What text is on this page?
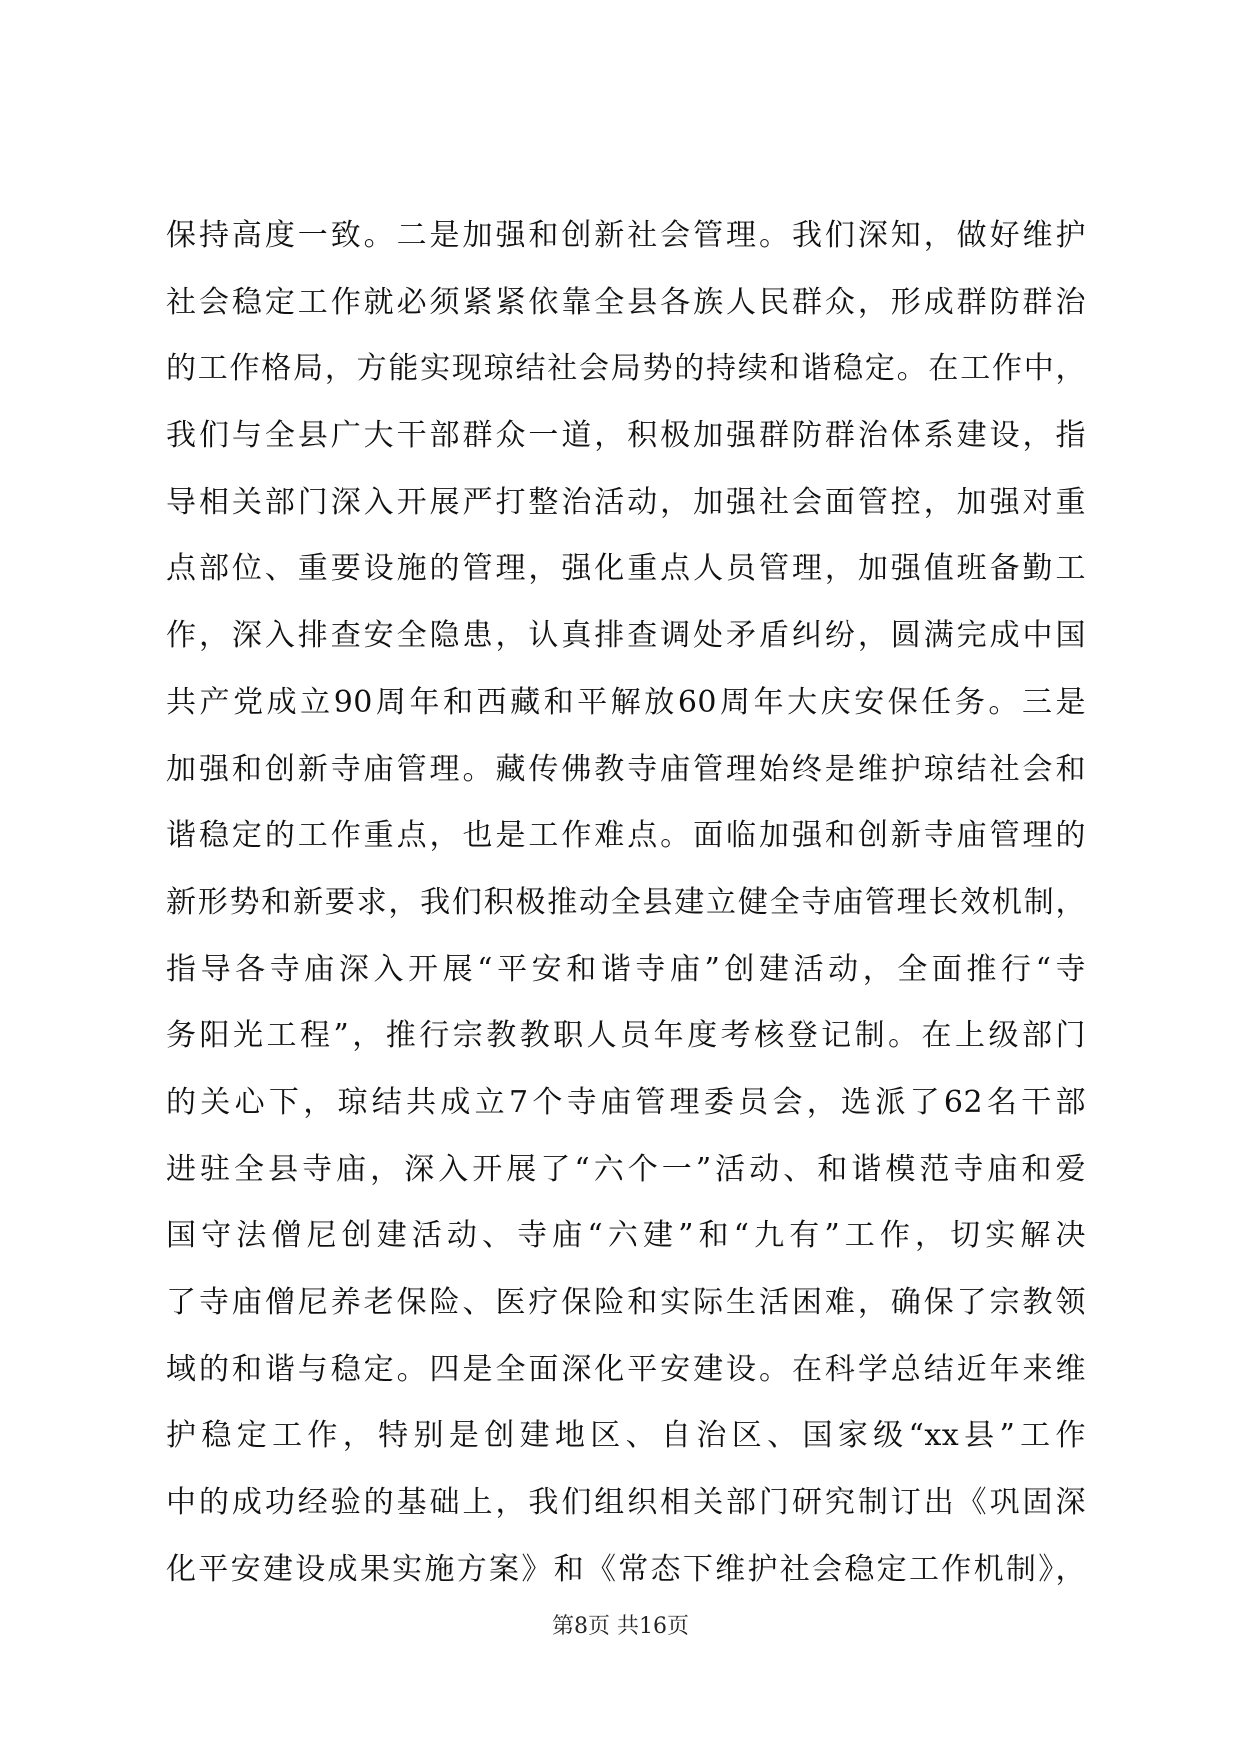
保持高度一致。二是加强和创新社会管理。我们深知，做好维护
社会稳定工作就必须紧紧依靠全县各族人民群众，形成群防群治
的工作格局，方能实现琼结社会局势的持续和谐稳定。在工作中，
我们与全县广大干部群众一道，积极加强群防群治体系建设，指
导相关部门深入开展严打整治活动，加强社会面管控，加强对重
点部位、重要设施的管理，强化重点人员管理，加强值班备勤工
作，深入排查安全隐患，认真排查调处矛盾纠纷，圆满完成中国
共产党成立90周年和西藏和平解放60周年大庆安保任务。三是
加强和创新寺庙管理。藏传佛教寺庙管理始终是维护琼结社会和
谐稳定的工作重点，也是工作难点。面临加强和创新寺庙管理的
新形势和新要求，我们积极推动全县建立健全寺庙管理长效机制，
指导各寺庙深入开展“平安和谐寺庙”创建活动，全面推行“寺
务阳光工程”，推行宗教教职人员年度考核登记制。在上级部门
的关心下，琼结共成立7个寺庙管理委员会，选派了62名干部
进驻全县寺庙，深入开展了“六个一”活动、和谐模范寺庙和爱
国守法僧尼创建活动、寺庙“六建”和“九有”工作，切实解决
了寺庙僧尼养老保险、医疗保险和实际生活困难，确保了宗教领
域的和谐与稳定。四是全面深化平安建设。在科学总结近年来维
护稳定工作，特别是创建地区、自治区、国家级“xx县”工作
中的成功经验的基础上，我们组织相关部门研究制订出《巩固深
化平安建设成果实施方案》和《常态下维护社会稳定工作机制》，
第8页 共16页
